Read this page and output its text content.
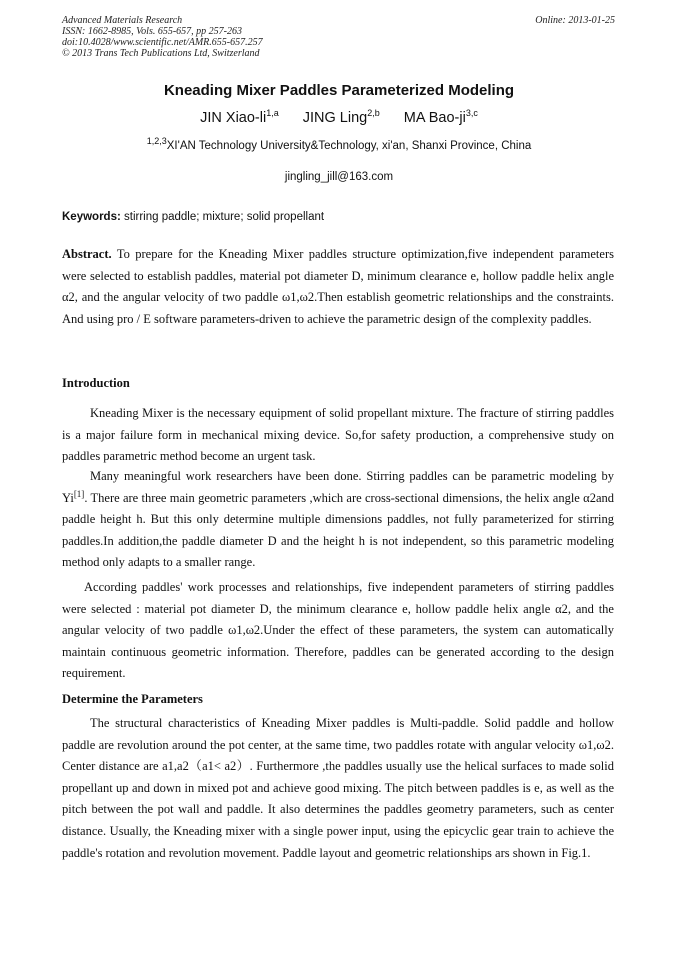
Advanced Materials Research
ISSN: 1662-8985, Vols. 655-657, pp 257-263
doi:10.4028/www.scientific.net/AMR.655-657.257
© 2013 Trans Tech Publications Ltd, Switzerland
Online: 2013-01-25
Kneading Mixer Paddles Parameterized Modeling
JIN Xiao-li$^{1,a}$ JING Ling$^{2,b}$ MA Bao-ji$^{3,c}$
$^{1,2,3}$XI'AN Technology University&Technology, xi'an, Shanxi Province, China
jingling_jill@163.com
Keywords: stirring paddle; mixture; solid propellant
Abstract. To prepare for the Kneading Mixer paddles structure optimization,five independent parameters were selected to establish paddles, material pot diameter D, minimum clearance e, hollow paddle helix angle α2, and the angular velocity of two paddle ω1,ω2.Then establish geometric relationships and the constraints. And using pro / E software parameters-driven to achieve the parametric design of the complexity paddles.
Introduction
Kneading Mixer is the necessary equipment of solid propellant mixture. The fracture of stirring paddles is a major failure form in mechanical mixing device. So,for safety production, a comprehensive study on paddles parametric method become an urgent task.
Many meaningful work researchers have been done. Stirring paddles can be parametric modeling by Yi[1]. There are three main geometric parameters ,which are cross-sectional dimensions, the helix angle α2and paddle height h. But this only determine multiple dimensions paddles, not fully parameterized for stirring paddles.In addition,the paddle diameter D and the height h is not independent, so this parametric modeling method only adapts to a smaller range.
According paddles' work processes and relationships, five independent parameters of stirring paddles were selected : material pot diameter D, the minimum clearance e, hollow paddle helix angle α2, and the angular velocity of two paddle ω1,ω2.Under the effect of these parameters, the system can automatically maintain continuous geometric information. Therefore, paddles can be generated according to the design requirement.
Determine the Parameters
The structural characteristics of Kneading Mixer paddles is Multi-paddle. Solid paddle and hollow paddle are revolution around the pot center, at the same time, two paddles rotate with angular velocity ω1,ω2. Center distance are a1,a2（a1< a2）. Furthermore ,the paddles usually use the helical surfaces to made solid propellant up and down in mixed pot and achieve good mixing. The pitch between paddles is e, as well as the pitch between the pot wall and paddle. It also determines the paddles geometry parameters, such as center distance. Usually, the Kneading mixer with a single power input, using the epicyclic gear train to achieve the paddle's rotation and revolution movement. Paddle layout and geometric relationships ars shown in Fig.1.
